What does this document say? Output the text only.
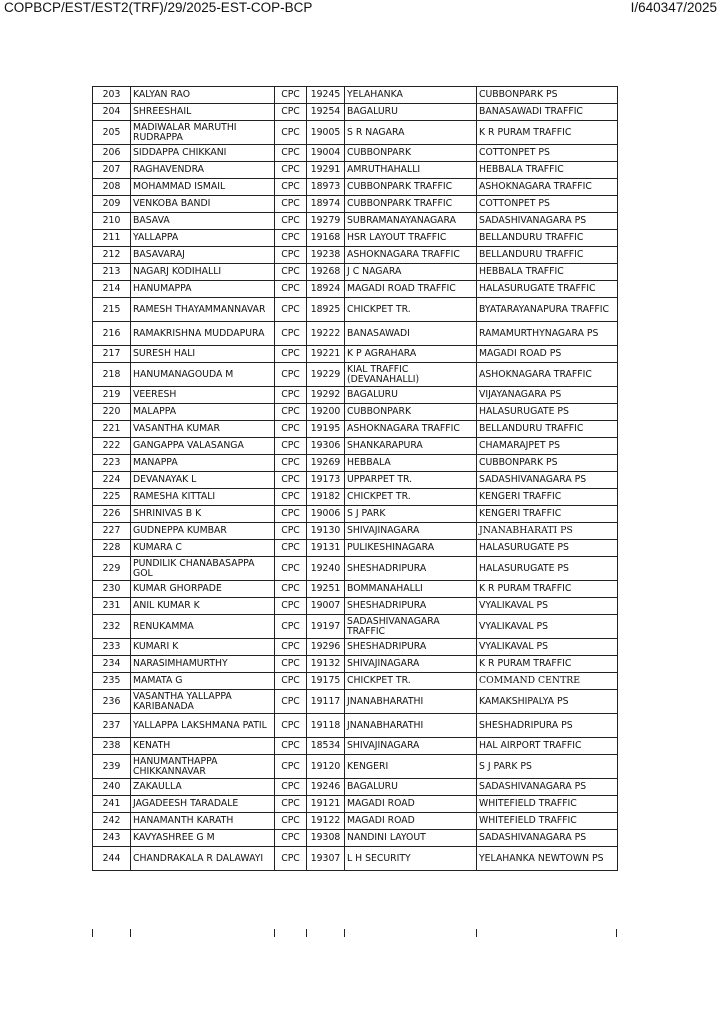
COPBCP/EST/EST2(TRF)/29/2025-EST-COP-BCP	I/640347/2025
203	KALYAN RAO	CPC	19245	YELAHANKA	CUBBONPARK PS
204	SHREESHAIL	CPC	19254	BAGALURU	BANASAWADI TRAFFIC
205	MADIWALAR MARUTHI RUDRAPPA	CPC	19005	S R NAGARA	K R PURAM TRAFFIC
206	SIDDAPPA CHIKKANI	CPC	19004	CUBBONPARK	COTTONPET PS
207	RAGHAVENDRA	CPC	19291	AMRUTHAHALLI	HEBBALA TRAFFIC
208	MOHAMMAD ISMAIL	CPC	18973	CUBBONPARK TRAFFIC	ASHOKNAGARA TRAFFIC
209	VENKOBA BANDI	CPC	18974	CUBBONPARK TRAFFIC	COTTONPET PS
210	BASAVA	CPC	19279	SUBRAMANAYANAGARA	SADASHIVANAGARA PS
211	YALLAPPA	CPC	19168	HSR LAYOUT TRAFFIC	BELLANDURU TRAFFIC
212	BASAVARAJ	CPC	19238	ASHOKNAGARA TRAFFIC	BELLANDURU TRAFFIC
213	NAGARJ KODIHALLI	CPC	19268	J C NAGARA	HEBBALA TRAFFIC
214	HANUMAPPA	CPC	18924	MAGADI ROAD TRAFFIC	HALASURUGATE TRAFFIC
215	RAMESH THAYAMMANNAVAR	CPC	18925	CHICKPET TR.	BYATARAYANAPURA TRAFFIC
216	RAMAKRISHNA MUDDAPURA	CPC	19222	BANASAWADI	RAMAMURTHYNAGARA PS
217	SURESH HALI	CPC	19221	K P AGRAHARA	MAGADI ROAD PS
218	HANUMANAGOUDA M	CPC	19229	KIAL TRAFFIC (DEVANAHALLI)	ASHOKNAGARA TRAFFIC
219	VEERESH	CPC	19292	BAGALURU	VIJAYANAGARA PS
220	MALAPPA	CPC	19200	CUBBONPARK	HALASURUGATE PS
221	VASANTHA KUMAR	CPC	19195	ASHOKNAGARA TRAFFIC	BELLANDURU TRAFFIC
222	GANGAPPA VALASANGA	CPC	19306	SHANKARAPURA	CHAMARAJPET PS
223	MANAPPA	CPC	19269	HEBBALA	CUBBONPARK PS
224	DEVANAYAK L	CPC	19173	UPPARPET TR.	SADASHIVANAGARA PS
225	RAMESHA KITTALI	CPC	19182	CHICKPET TR.	KENGERI TRAFFIC
226	SHRINIVAS B K	CPC	19006	S J PARK	KENGERI TRAFFIC
227	GUDNEPPA KUMBAR	CPC	19130	SHIVAJINAGARA	JNANABHARATI PS
228	KUMARA C	CPC	19131	PULIKESHINAGARA	HALASURUGATE PS
229	PUNDILIK CHANABASAPPA GOL	CPC	19240	SHESHADRIPURA	HALASURUGATE PS
230	KUMAR GHORPADE	CPC	19251	BOMMANAHALLI	K R PURAM TRAFFIC
231	ANIL KUMAR K	CPC	19007	SHESHADRIPURA	VYALIKAVAL PS
232	RENUKAMMA	CPC	19197	SADASHIVANAGARA TRAFFIC	VYALIKAVAL PS
233	KUMARI K	CPC	19296	SHESHADRIPURA	VYALIKAVAL PS
234	NARASIMHAMURTHY	CPC	19132	SHIVAJINAGARA	K R PURAM TRAFFIC
235	MAMATA G	CPC	19175	CHICKPET TR.	COMMAND CENTRE
236	VASANTHA YALLAPPA KARIBANADA	CPC	19117	JNANABHARATHI	KAMAKSHIPALYA PS
237	YALLAPPA LAKSHMANA PATIL	CPC	19118	JNANABHARATHI	SHESHADRIPURA PS
238	KENATH	CPC	18534	SHIVAJINAGARA	HAL AIRPORT TRAFFIC
239	HANUMANTHAPPA CHIKKANNAVAR	CPC	19120	KENGERI	S J PARK PS
240	ZAKAULLA	CPC	19246	BAGALURU	SADASHIVANAGARA PS
241	JAGADEESH TARADALE	CPC	19121	MAGADI ROAD	WHITEFIELD TRAFFIC
242	HANAMANTH KARATH	CPC	19122	MAGADI ROAD	WHITEFIELD TRAFFIC
243	KAVYASHREE G M	CPC	19308	NANDINI LAYOUT	SADASHIVANAGARA PS
244	CHANDRAKALA R DALAWAYI	CPC	19307	L H SECURITY	YELAHANKA NEWTOWN PS
